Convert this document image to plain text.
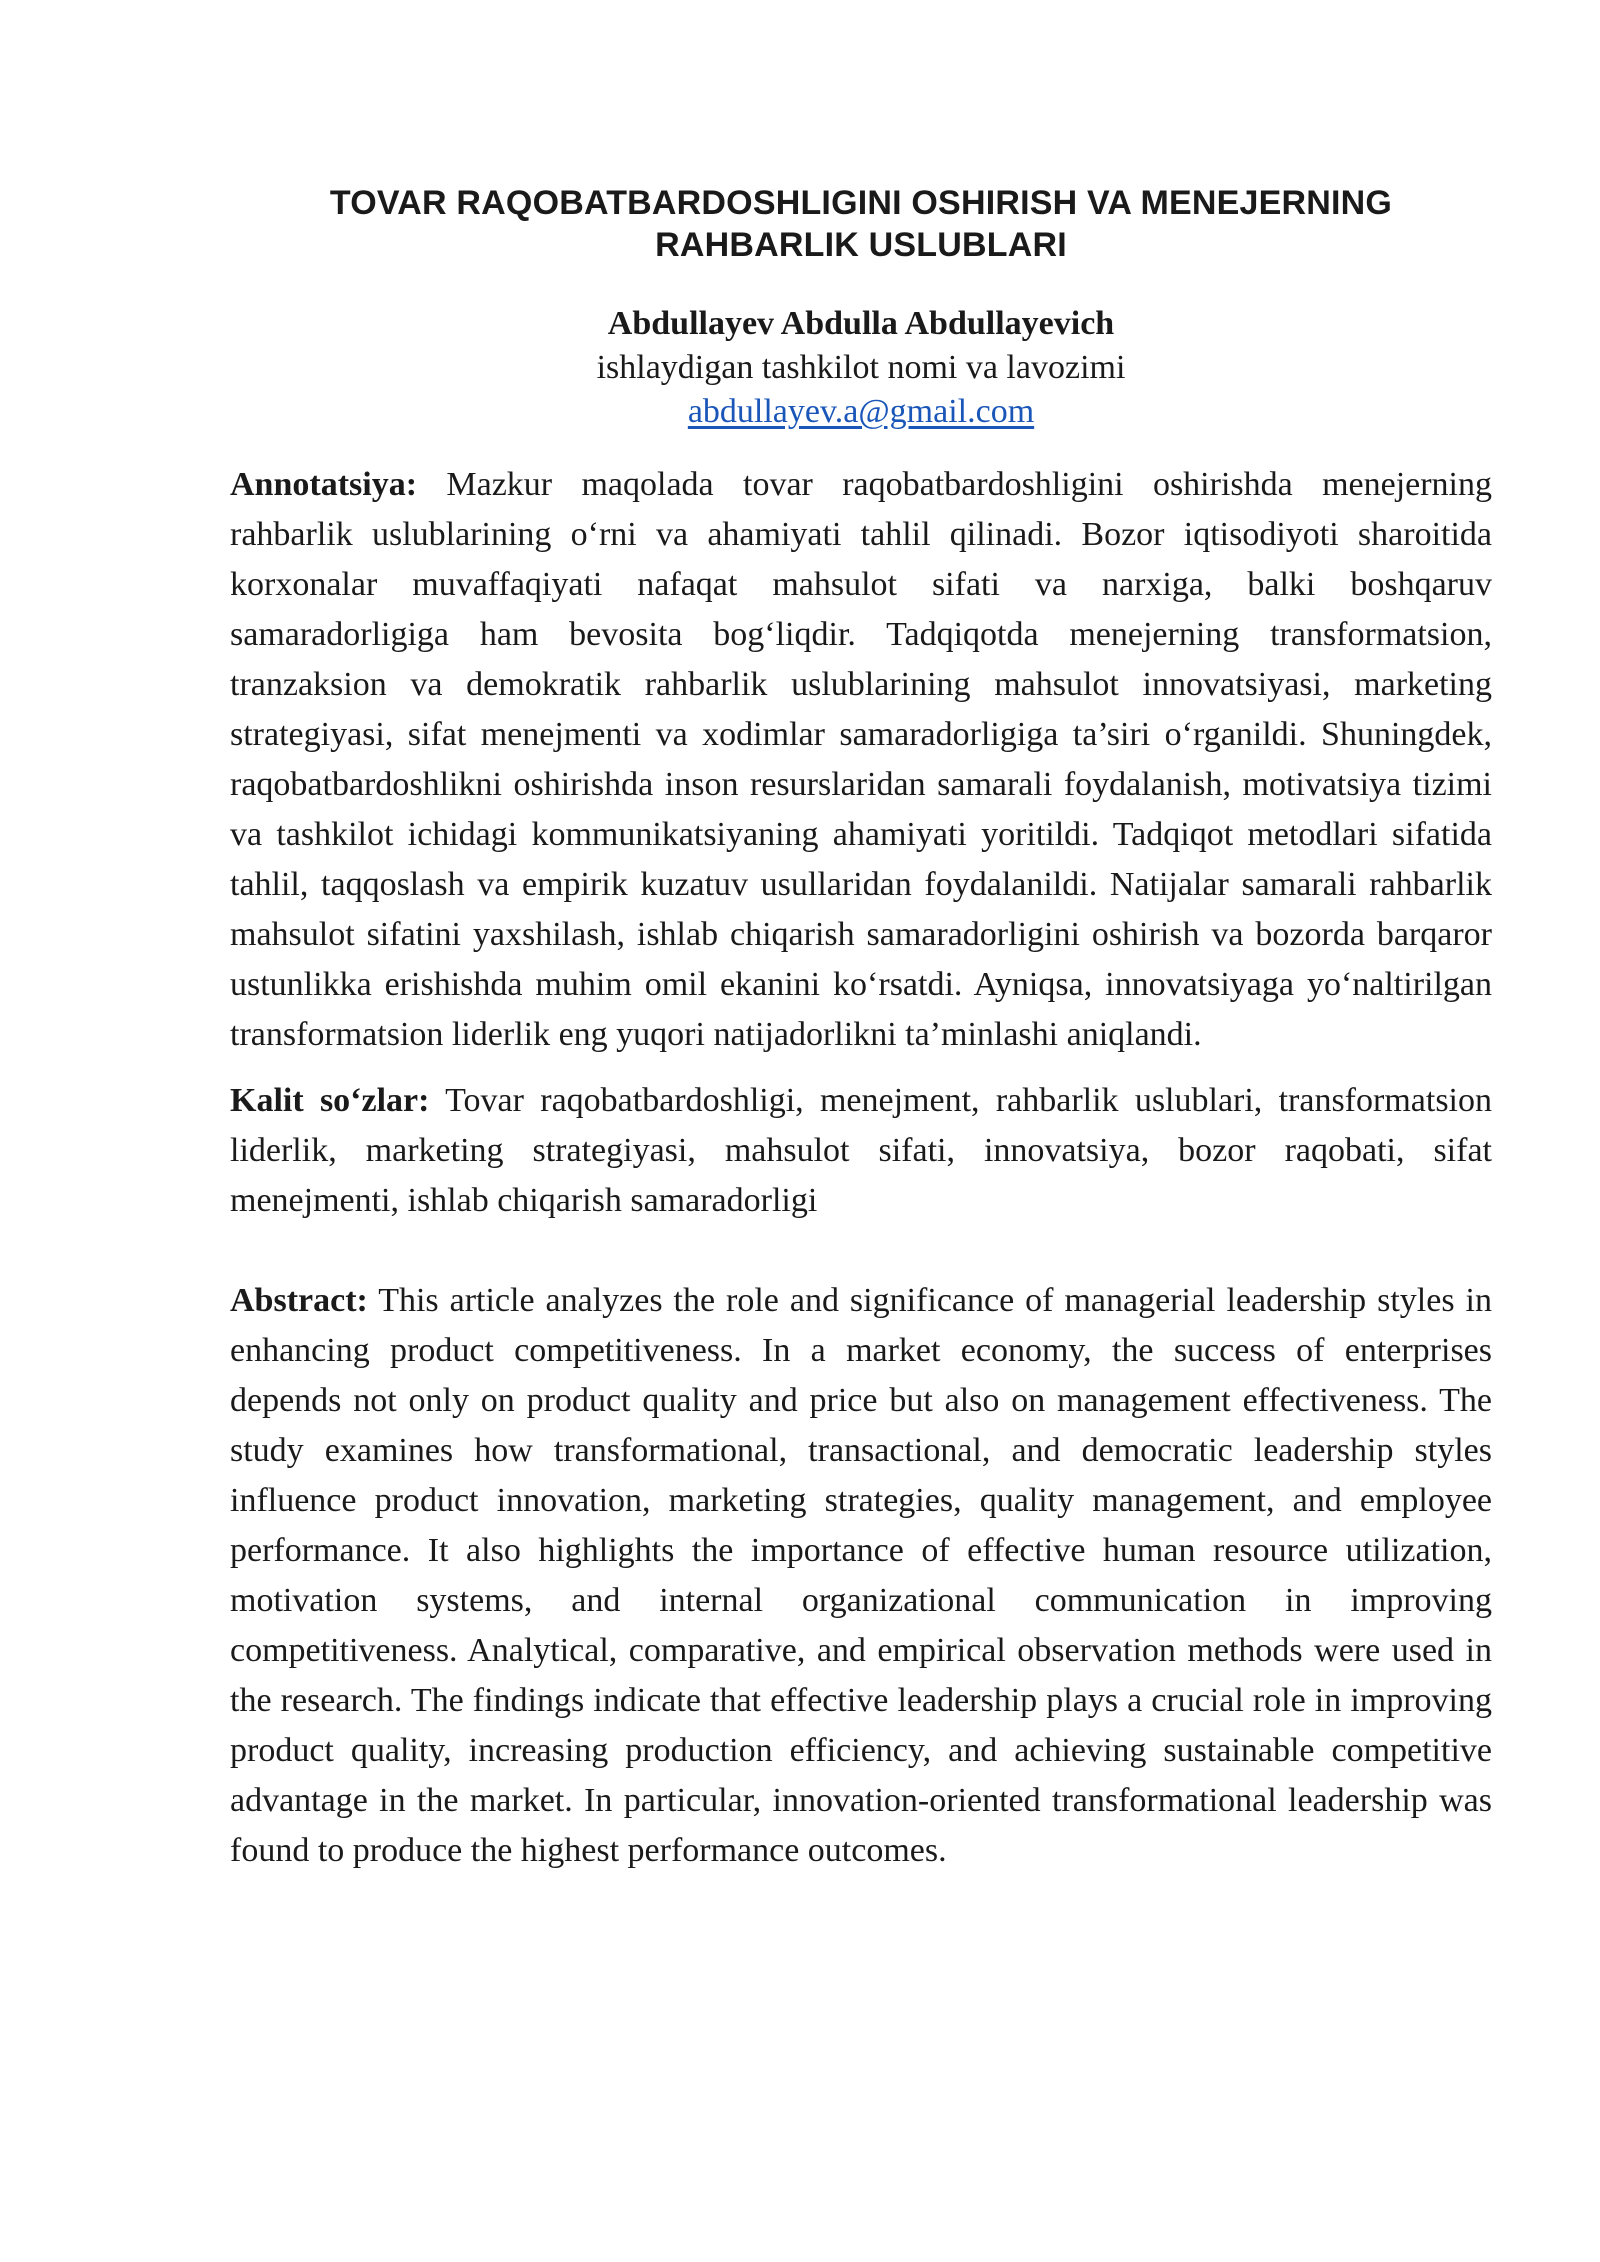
TOVAR RAQOBATBARDOSHLIGINI OSHIRISH VA MENEJERNING
RAHBARLIK USLUBLARI
Abdullayev Abdulla Abdullayevich
ishlaydigan tashkilot nomi va lavozimi
abdullayev.a@gmail.com

Annotatsiya: Mazkur maqolada tovar raqobatbardoshligini oshirishda menejerning rahbarlik uslublarining o‘rni va ahamiyati tahlil qilinadi. Bozor iqtisodiyoti sharoitida korxonalar muvaffaqiyati nafaqat mahsulot sifati va narxiga, balki boshqaruv samaradorligiga ham bevosita bog‘liqdir. Tadqiqotda menejerning transformatsion, tranzaksion va demokratik rahbarlik uslublarining mahsulot innovatsiyasi, marketing strategiyasi, sifat menejmenti va xodimlar samaradorligiga ta’siri o‘rganildi. Shuningdek, raqobatbardoshlikni oshirishda inson resurslaridan samarali foydalanish, motivatsiya tizimi va tashkilot ichidagi kommunikatsiyaning ahamiyati yoritildi. Tadqiqot metodlari sifatida tahlil, taqqoslash va empirik kuzatuv usullaridan foydalanildi. Natijalar samarali rahbarlik mahsulot sifatini yaxshilash, ishlab chiqarish samaradorligini oshirish va bozorda barqaror ustunlikka erishishda muhim omil ekanini ko‘rsatdi. Ayniqsa, innovatsiyaga yo‘naltirilgan transformatsion liderlik eng yuqori natijadorlikni ta’minlashi aniqlandi.

Kalit so‘zlar: Tovar raqobatbardoshligi, menejment, rahbarlik uslublari, transformatsion liderlik, marketing strategiyasi, mahsulot sifati, innovatsiya, bozor raqobati, sifat menejmenti, ishlab chiqarish samaradorligi

Abstract: This article analyzes the role and significance of managerial leadership styles in enhancing product competitiveness. In a market economy, the success of enterprises depends not only on product quality and price but also on management effectiveness. The study examines how transformational, transactional, and democratic leadership styles influence product innovation, marketing strategies, quality management, and employee performance. It also highlights the importance of effective human resource utilization, motivation systems, and internal organizational communication in improving competitiveness. Analytical, comparative, and empirical observation methods were used in the research. The findings indicate that effective leadership plays a crucial role in improving product quality, increasing production efficiency, and achieving sustainable competitive advantage in the market. In particular, innovation-oriented transformational leadership was found to produce the highest performance outcomes.
